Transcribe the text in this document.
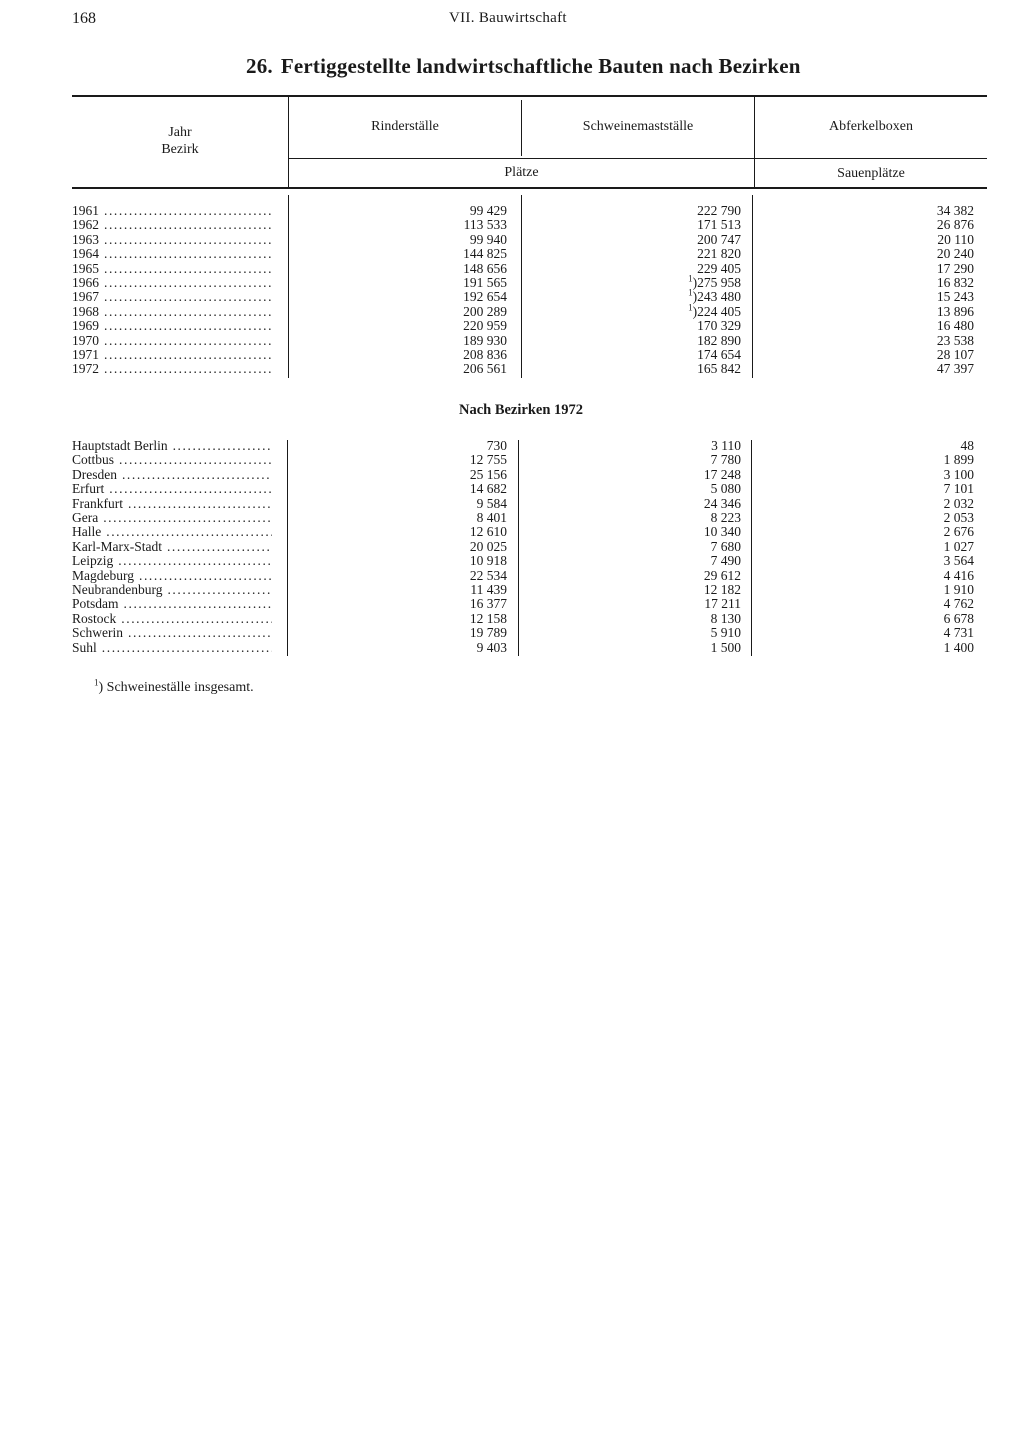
168	VII. Bauwirtschaft
26. Fertiggestellte landwirtschaftliche Bauten nach Bezirken
Jahr
Bezirk
Rinderställe	Schweinemastställe	Abferkelboxen
Plätze	Sauenplätze
1961 .....	99 429	222 790	34 382
1962 .....	113 533	171 513	26 876
1963 .....	99 940	200 747	20 110
1964 .....	144 825	221 820	20 240
1965 .....	148 656	229 405	17 290
1966 .....	191 565	$^1$)275 958	16 832
1967 .....	192 654	$^1$)243 480	15 243
1968 .....	200 289	$^1$)224 405	13 896
1969 .....	220 959	170 329	16 480
1970 .....	189 930	182 890	23 538
1971 .....	208 836	174 654	28 107
1972 .....	206 561	165 842	47 397
Nach Bezirken 1972
Hauptstadt Berlin .....	730	3 110	48
Cottbus .....	12 755	7 780	1 899
Dresden .....	25 156	17 248	3 100
Erfurt .....	14 682	5 080	7 101
Frankfurt .....	9 584	24 346	2 032
Gera .....	8 401	8 223	2 053
Halle .....	12 610	10 340	2 676
Karl-Marx-Stadt .....	20 025	7 680	1 027
Leipzig .....	10 918	7 490	3 564
Magdeburg .....	22 534	29 612	4 416
Neubrandenburg .....	11 439	12 182	1 910
Potsdam .....	16 377	17 211	4 762
Rostock .....	12 158	8 130	6 678
Schwerin .....	19 789	5 910	4 731
Suhl .....	9 403	1 500	1 400
$^1$) Schweineställe insgesamt.
